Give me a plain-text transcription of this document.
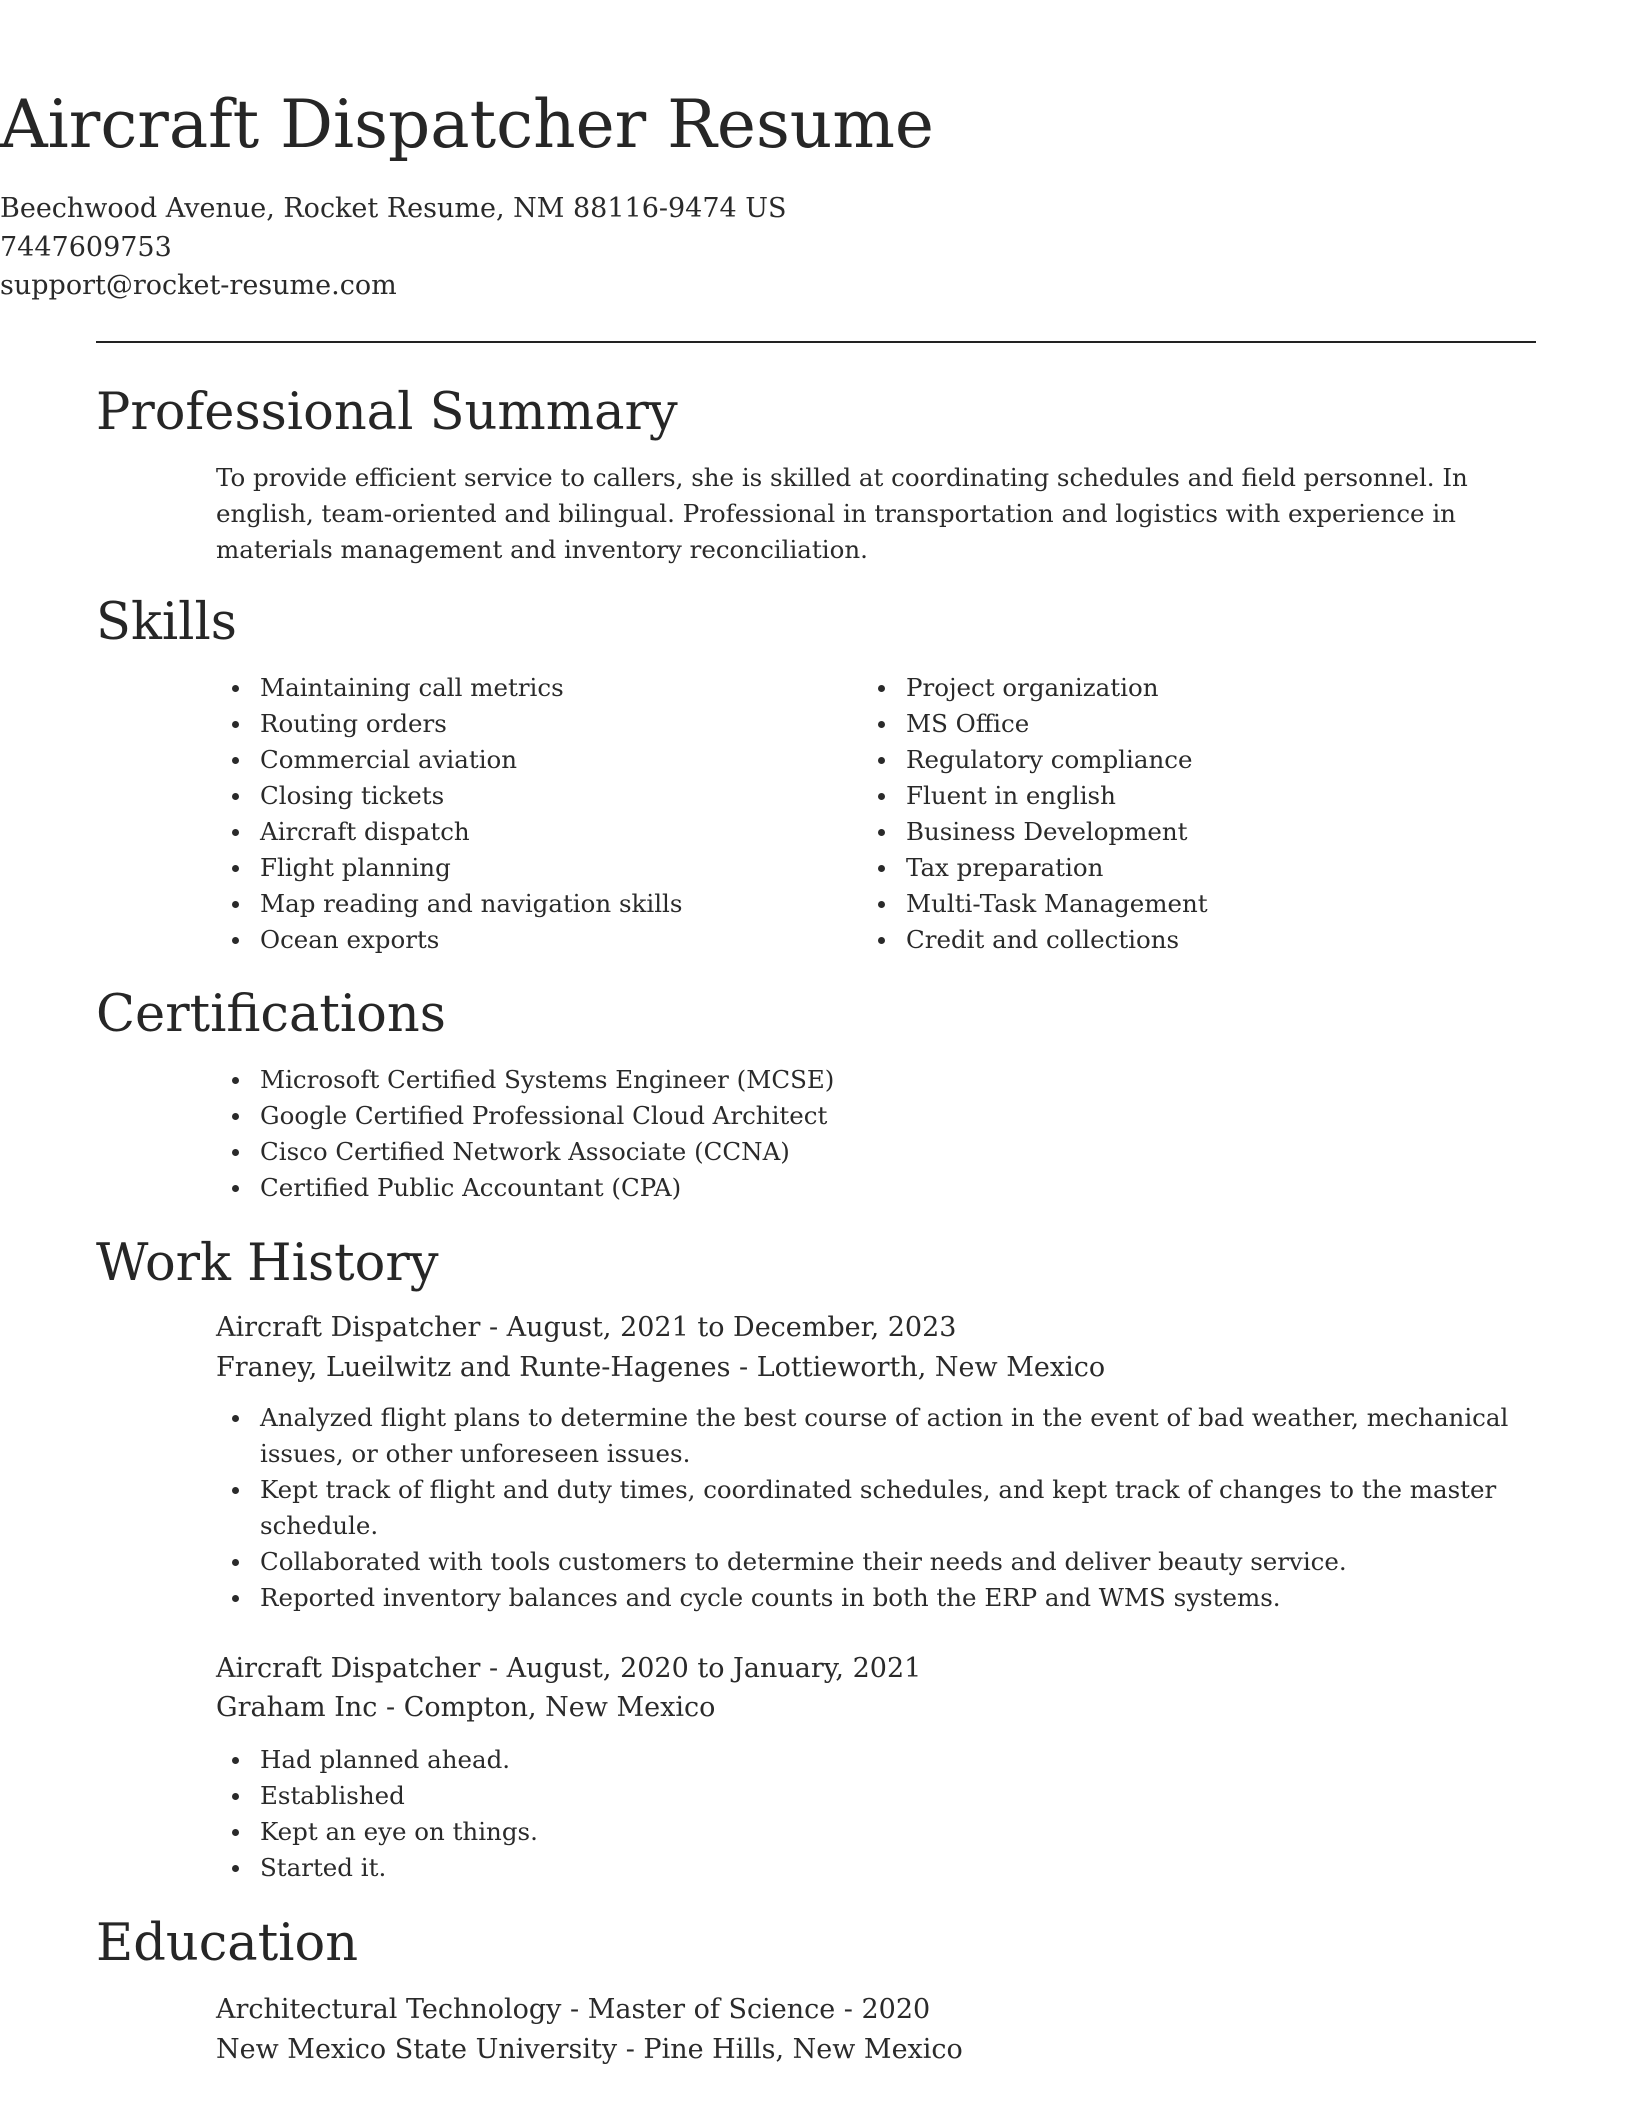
Aircraft Dispatcher Resume
Beechwood Avenue, Rocket Resume, NM 88116-9474 US
7447609753
support@rocket-resume.com
Professional Summary

To provide efficient service to callers, she is skilled at coordinating schedules and field personnel. In english, team-oriented and bilingual. Professional in transportation and logistics with experience in materials management and inventory reconciliation.

Skills
Maintaining call metrics
Routing orders
Commercial aviation
Closing tickets
Aircraft dispatch
Flight planning
Map reading and navigation skills
Ocean exports
Project organization
MS Office
Regulatory compliance
Fluent in english
Business Development
Tax preparation
Multi-Task Management
Credit and collections
Certifications
Microsoft Certified Systems Engineer (MCSE)
Google Certified Professional Cloud Architect
Cisco Certified Network Associate (CCNA)
Certified Public Accountant (CPA)
Work History
Aircraft Dispatcher - August, 2021 to December, 2023
Franey, Lueilwitz and Runte-Hagenes - Lottieworth, New Mexico
Analyzed flight plans to determine the best course of action in the event of bad weather, mechanical issues, or other unforeseen issues.
Kept track of flight and duty times, coordinated schedules, and kept track of changes to the master schedule.
Collaborated with tools customers to determine their needs and deliver beauty service.
Reported inventory balances and cycle counts in both the ERP and WMS systems.
Aircraft Dispatcher - August, 2020 to January, 2021
Graham Inc - Compton, New Mexico
Had planned ahead.
Established
Kept an eye on things.
Started it.
Education
Architectural Technology - Master of Science - 2020
New Mexico State University - Pine Hills, New Mexico
